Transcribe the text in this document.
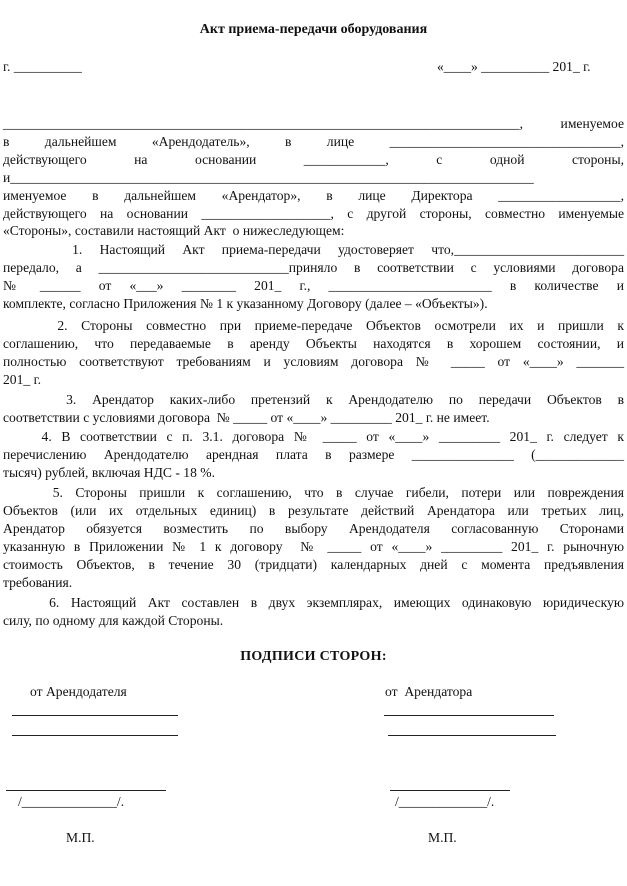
Акт приема-передачи оборудования
г. __________	«____» __________ 201_ г.
____________________________________________________________________________,  именуемое
в  дальнейшем  «Арендодатель»,  в  лице  __________________________________,
действующего  на  основании  ____________,  с  одной  стороны,
и_____________________________________________________________________________
именуемое  в  дальнейшем  «Арендатор»,  в  лице  Директора  __________________,
действующего на основании ___________________, с другой стороны, совместно именуемые
«Стороны», составили настоящий Акт  о нижеследующем:
1. Настоящий Акт приема-передачи удостоверяет что,_________________________
передало, а ____________________________приняло в соответствии с условиями договора
№  ______  от  «___»  ________  201_  г.,  ________________________  в  количестве  и
комплекте, согласно Приложения № 1 к указанному Договору (далее – «Объекты»).
2. Стороны совместно при приеме-передаче Объектов осмотрели их и пришли к
соглашению, что передаваемые в аренду Объекты находятся в хорошем состоянии, и
полностью соответствуют требованиям и условиям договора № _____ от «____» _______
201_ г.
3. Арендатор каких-либо претензий к Арендодателю по передачи Объектов в
соответствии с условиями договора  № _____ от «____» _________ 201_ г. не имеет.
4. В соответствии с п. 3.1. договора № _____ от «____» _________ 201_ г. следует к
перечислению Арендодателю арендная плата в размере _______________ (_____________
тысяч) рублей, включая НДС - 18 %.
5. Стороны пришли к соглашению, что в случае гибели, потери или повреждения
Объектов (или их отдельных единиц) в результате действий Арендатора или третьих лиц,
Арендатор обязуется возместить по выбору Арендодателя согласованную Сторонами
указанную в Приложении № 1 к договору  № _____ от «____» _________ 201_ г. рыночную
стоимость Объектов, в течение 30 (тридцати) календарных дней с момента предъявления
требования.
6. Настоящий Акт составлен в двух экземплярах, имеющих одинаковую юридическую
силу, по одному для каждой Стороны.
ПОДПИСИ СТОРОН:
от Арендодателя	от  Арендатора
/______________/.	/_____________/.
М.П.	М.П.
